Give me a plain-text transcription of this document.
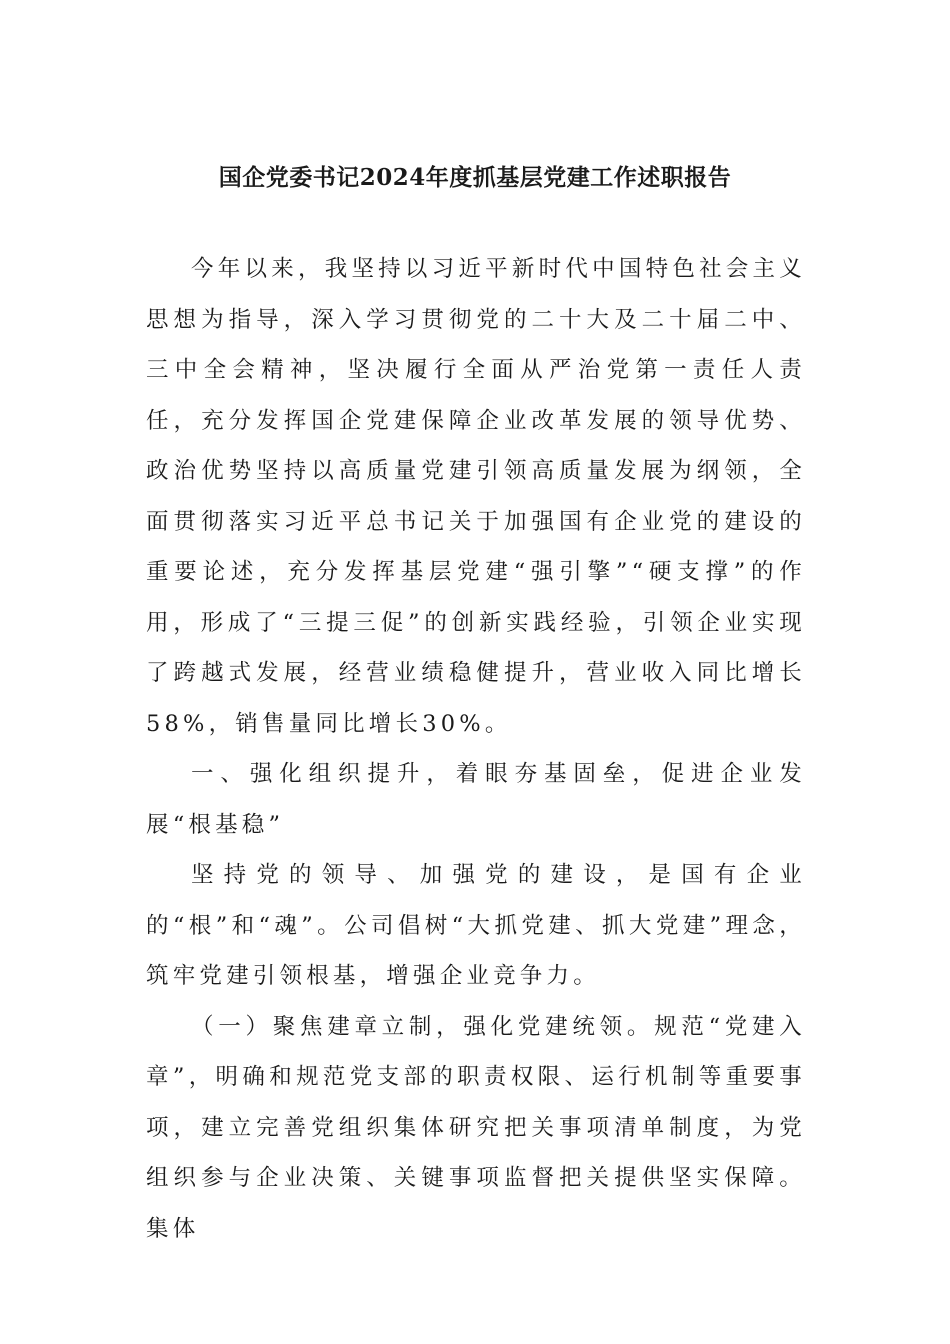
国企党委书记2024年度抓基层党建工作述职报告

今年以来，我坚持以习近平新时代中国特色社会主义思想为指导，深入学习贯彻党的二十大及二十届二中、三中全会精神，坚决履行全面从严治党第一责任人责任，充分发挥国企党建保障企业改革发展的领导优势、政治优势坚持以高质量党建引领高质量发展为纲领，全面贯彻落实习近平总书记关于加强国有企业党的建设的重要论述，充分发挥基层党建“强引擎”“硬支撑”的作用，形成了“三提三促”的创新实践经验，引领企业实现了跨越式发展，经营业绩稳健提升，营业收入同比增长58%，销售量同比增长30%。

一、强化组织提升，着眼夯基固垒，促进企业发展“根基稳”

坚持党的领导、加强党的建设，是国有企业的“根”和“魂”。公司倡树“大抓党建、抓大党建”理念，筑牢党建引领根基，增强企业竞争力。

（一）聚焦建章立制，强化党建统领。规范“党建入章”，明确和规范党支部的职责权限、运行机制等重要事项，建立完善党组织集体研究把关事项清单制度，为党组织参与企业决策、关键事项监督把关提供坚实保障。集体
